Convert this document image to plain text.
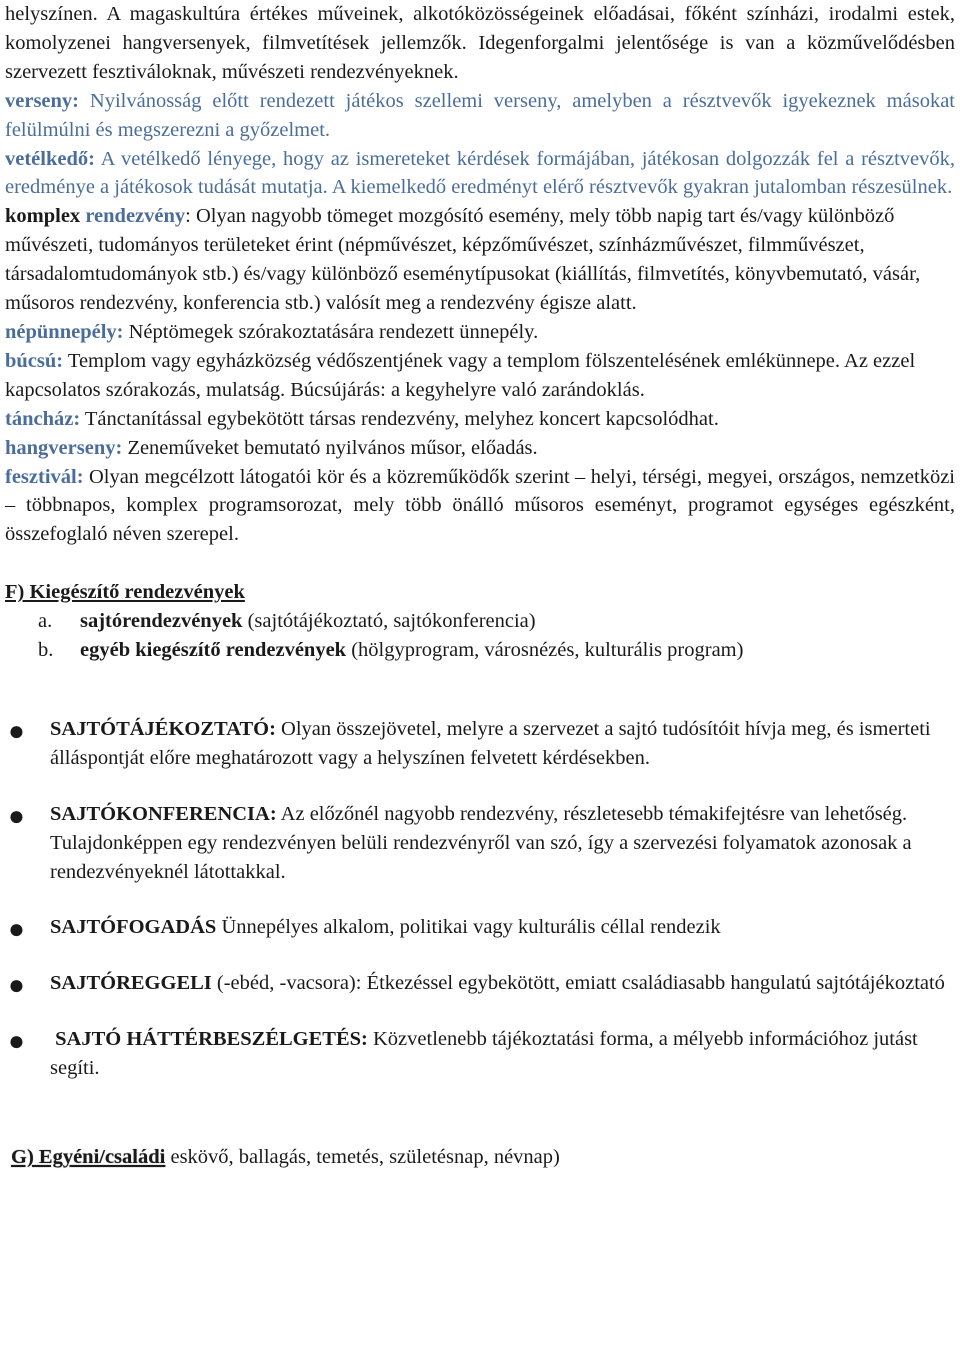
helyszínen. A magaskultúra értékes műveinek, alkotóközösségeinek előadásai, főként színházi, irodalmi estek, komolyzenei hangversenyek, filmvetítések jellemzők. Idegenforgalmi jelentősége is van a közművelődésben szervezett fesztiváloknak, művészeti rendezvényeknek.

verseny: Nyilvánosság előtt rendezett játékos szellemi verseny, amelyben a résztvevők igyekeznek másokat felülmúlni és megszerezni a győzelmet.

vetélkedő: A vetélkedő lényege, hogy az ismereteket kérdések formájában, játékosan dolgozzák fel a résztvevők, eredménye a játékosok tudását mutatja. A kiemelkedő eredményt elérő résztvevők gyakran jutalomban részesülnek.

komplex rendezvény: Olyan nagyobb tömeget mozgósító esemény, mely több napig tart és/vagy különböző művészeti, tudományos területeket érint (népművészet, képzőművészet, színházművészet, filmművészet, társadalomtudományok stb.) és/vagy különböző eseménytípusokat (kiállítás, filmvetítés, könyvbemutató, vásár, műsoros rendezvény, konferencia stb.) valósít meg a rendezvény égisze alatt.

népünnepély: Néptömegek szórakoztatására rendezett ünnepély.

búcsú: Templom vagy egyházközség védőszentjének vagy a templom fölszentelésének emlékünnepe. Az ezzel kapcsolatos szórakozás, mulatság. Búcsújárás: a kegyhelyre való zarándoklás.

táncház: Tánctanítással egybekötött társas rendezvény, melyhez koncert kapcsolódhat.

hangverseny: Zeneműveket bemutató nyilvános műsor, előadás.

fesztivál: Olyan megcélzott látogatói kör és a közreműködők szerint – helyi, térségi, megyei, országos, nemzetközi – többnapos, komplex programsorozat, mely több önálló műsoros eseményt, programot egységes egészként, összefoglaló néven szerepel.

F) Kiegészítő rendezvények

a. sajtórendezvények (sajtótájékoztató, sajtókonferencia)

b. egyéb kiegészítő rendezvények (hölgyprogram, városnézés, kulturális program)

● SAJTÓTÁJÉKOZTATÓ: Olyan összejövetel, melyre a szervezet a sajtó tudósítóit hívja meg, és ismerteti álláspontját előre meghatározott vagy a helyszínen felvetett kérdésekben.
● SAJTÓKONFERENCIA: Az előzőnél nagyobb rendezvény, részletesebb témakifejtésre van lehetőség. Tulajdonképpen egy rendezvényen belüli rendezvényről van szó, így a szervezési folyamatok azonosak a rendezvényeknél látottakkal.
● SAJTÓFOGADÁS Ünnepélyes alkalom, politikai vagy kulturális céllal rendezik
● SAJTÓREGGELI (-ebéd, -vacsora): Étkezéssel egybekötött, emiatt családiasabb hangulatú sajtótájékoztató
● SAJTÓ HÁTTÉRBESZÉLGETÉS: Közvetlenebb tájékoztatási forma, a mélyebb információhoz jutást segíti.

G) Egyéni/családi eskövő, ballagás, temetés, születésnap, névnap)
